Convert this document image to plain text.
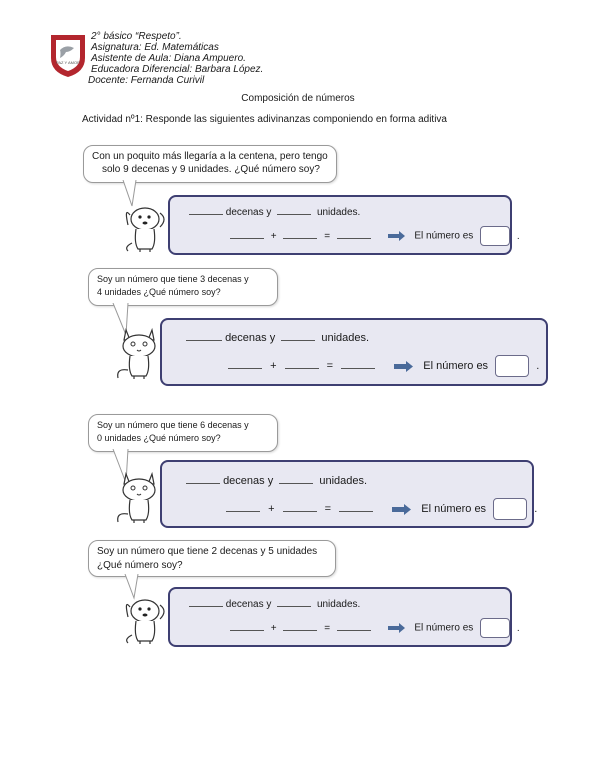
PAZ Y AMOR
2° básico “Respeto”.
Asignatura: Ed. Matemáticas
Asistente de Aula: Diana Ampuero.
Educadora Diferencial: Barbara López.
Docente: Fernanda Curivil
Composición de números
Actividad nº1: Responde las siguientes adivinanzas componiendo en forma aditiva
Con un poquito más llegaría a la centena, pero tengo
solo 9 decenas y 9 unidades. ¿Qué número soy?
decenas y	unidades.
+	=	El número es	.
Soy un número que tiene 3 decenas y
4 unidades ¿Qué número soy?
decenas y	unidades.
+	=	El número es	.
Soy un número que tiene 6 decenas y
0 unidades ¿Qué número soy?
decenas y	unidades.
+	=	El número es	.
Soy un número que tiene 2 decenas y 5 unidades
¿Qué número soy?
decenas y	unidades.
+	=	El número es	.
